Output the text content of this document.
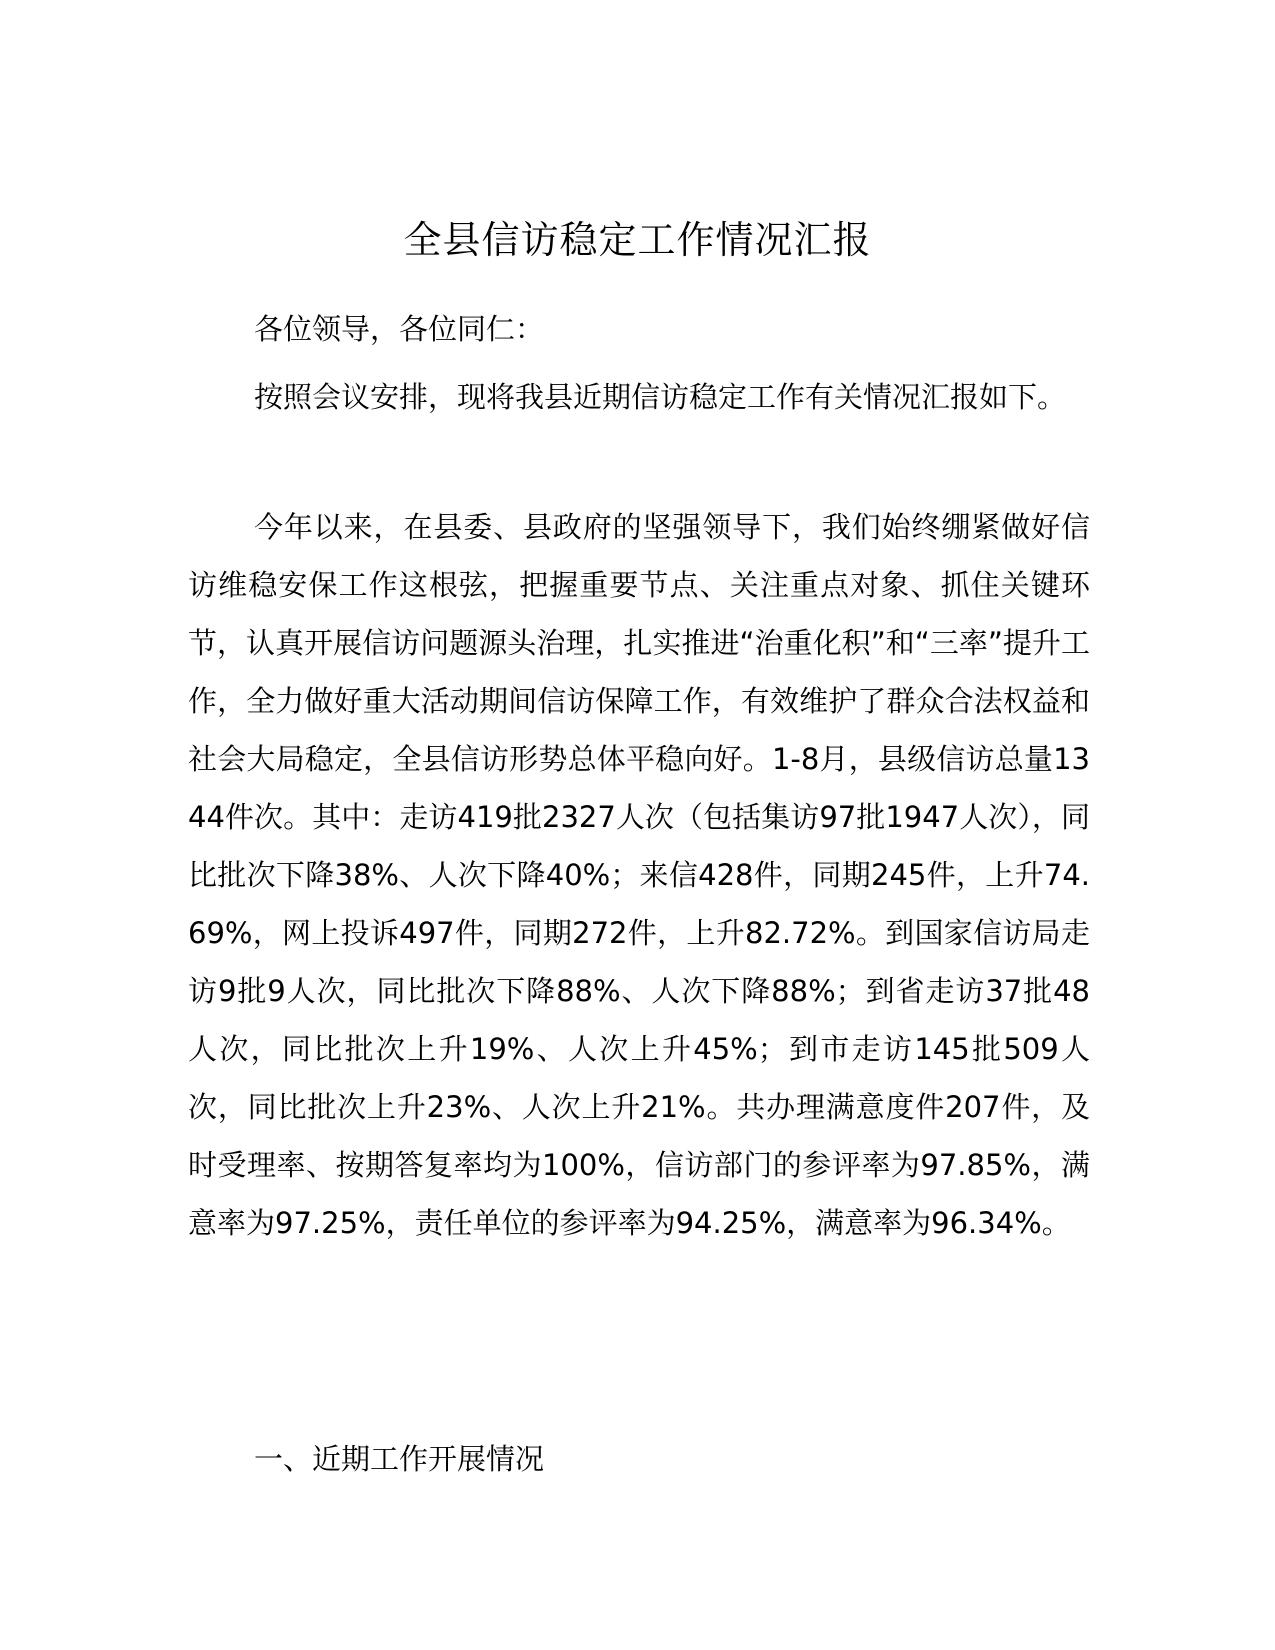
全县信访稳定工作情况汇报

各位领导，各位同仁：

按照会议安排，现将我县近期信访稳定工作有关情况汇报如下。

今年以来，在县委、县政府的坚强领导下，我们始终绷紧做好信访维稳安保工作这根弦，把握重要节点、关注重点对象、抓住关键环节，认真开展信访问题源头治理，扎实推进“治重化积”和“三率”提升工作，全力做好重大活动期间信访保障工作，有效维护了群众合法权益和社会大局稳定，全县信访形势总体平稳向好。1-8月，县级信访总量1344件次。其中：走访419批2327人次（包括集访97批1947人次），同比批次下降38%、人次下降40%；来信428件，同期245件，上升74.69%，网上投诉497件，同期272件，上升82.72%。到国家信访局走访9批9人次，同比批次下降88%、人次下降88%；到省走访37批48人次，同比批次上升19%、人次上升45%；到市走访145批509人次，同比批次上升23%、人次上升21%。共办理满意度件207件，及时受理率、按期答复率均为100%，信访部门的参评率为97.85%，满意率为97.25%，责任单位的参评率为94.25%，满意率为96.34%。

一、近期工作开展情况
